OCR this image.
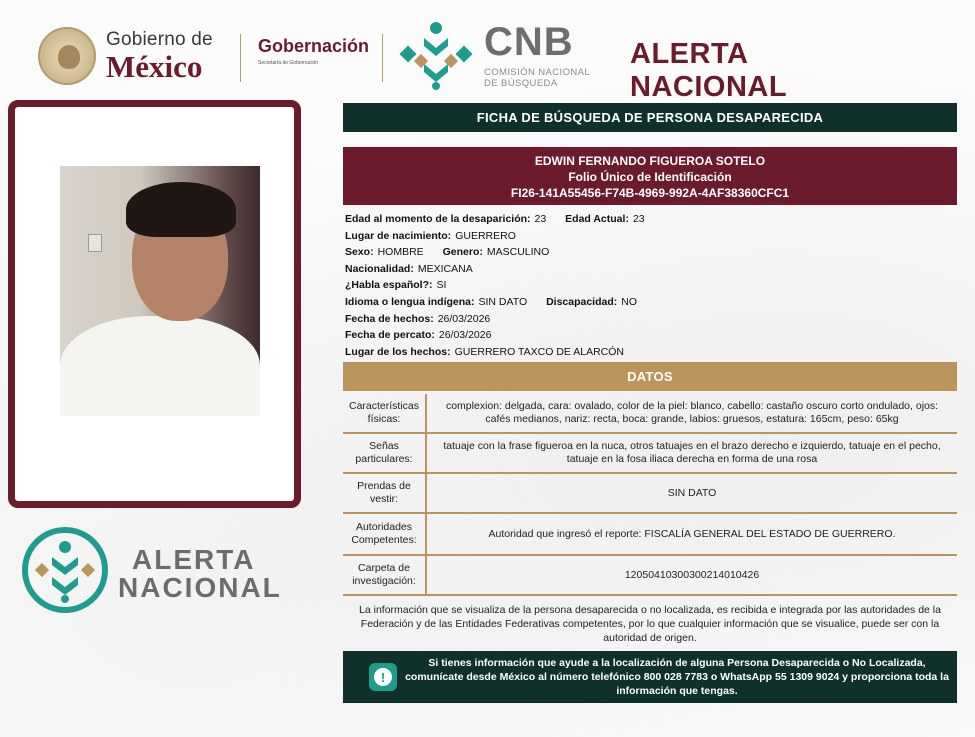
Gobierno de
México
Gobernación
Secretaría de Gobernación	CNB
COMISIÓN NACIONAL
DE BÚSQUEDA
ALERTA NACIONAL
ALERTA
NACIONAL
FICHA DE BÚSQUEDA DE PERSONA DESAPARECIDA
EDWIN FERNANDO FIGUEROA SOTELO
Folio Único de Identificación
FI26-141A55456-F74B-4969-992A-4AF38360CFC1
Edad al momento de la desaparición: 23 Edad Actual: 23
Lugar de nacimiento: GUERRERO
Sexo: HOMBRE Genero: MASCULINO
Nacionalidad: MEXICANA
¿Habla español?: SI
Idioma o lengua indígena: SIN DATO Discapacidad: NO
Fecha de hechos: 26/03/2026
Fecha de percato: 26/03/2026
Lugar de los hechos: GUERRERO TAXCO DE ALARCÓN
DATOS
Características físicas:
complexion: delgada, cara: ovalado, color de la piel: blanco, cabello: castaño oscuro corto ondulado, ojos: cafés medianos, nariz: recta, boca: grande, labios: gruesos, estatura: 165cm, peso: 65kg
Señas particulares:
tatuaje con la frase figueroa en la nuca, otros tatuajes en el brazo derecho e izquierdo, tatuaje en el pecho, tatuaje en la fosa iliaca derecha en forma de una rosa
Prendas de vestir:
SIN DATO
Autoridades Competentes:
Autoridad que ingresó el reporte: FISCALÍA GENERAL DEL ESTADO DE GUERRERO.
Carpeta de investigación:
12050410300300214010426
La información que se visualiza de la persona desaparecida o no localizada, es recibida e integrada por las autoridades de la Federación y de las Entidades Federativas competentes, por lo que cualquier información que se visualice, puede ser con la autoridad de origen.
!
Si tienes información que ayude a la localización de alguna Persona Desaparecida o No Localizada, comunícate desde México al número telefónico 800 028 7783 o WhatsApp 55 1309 9024 y proporciona toda la información que tengas.
